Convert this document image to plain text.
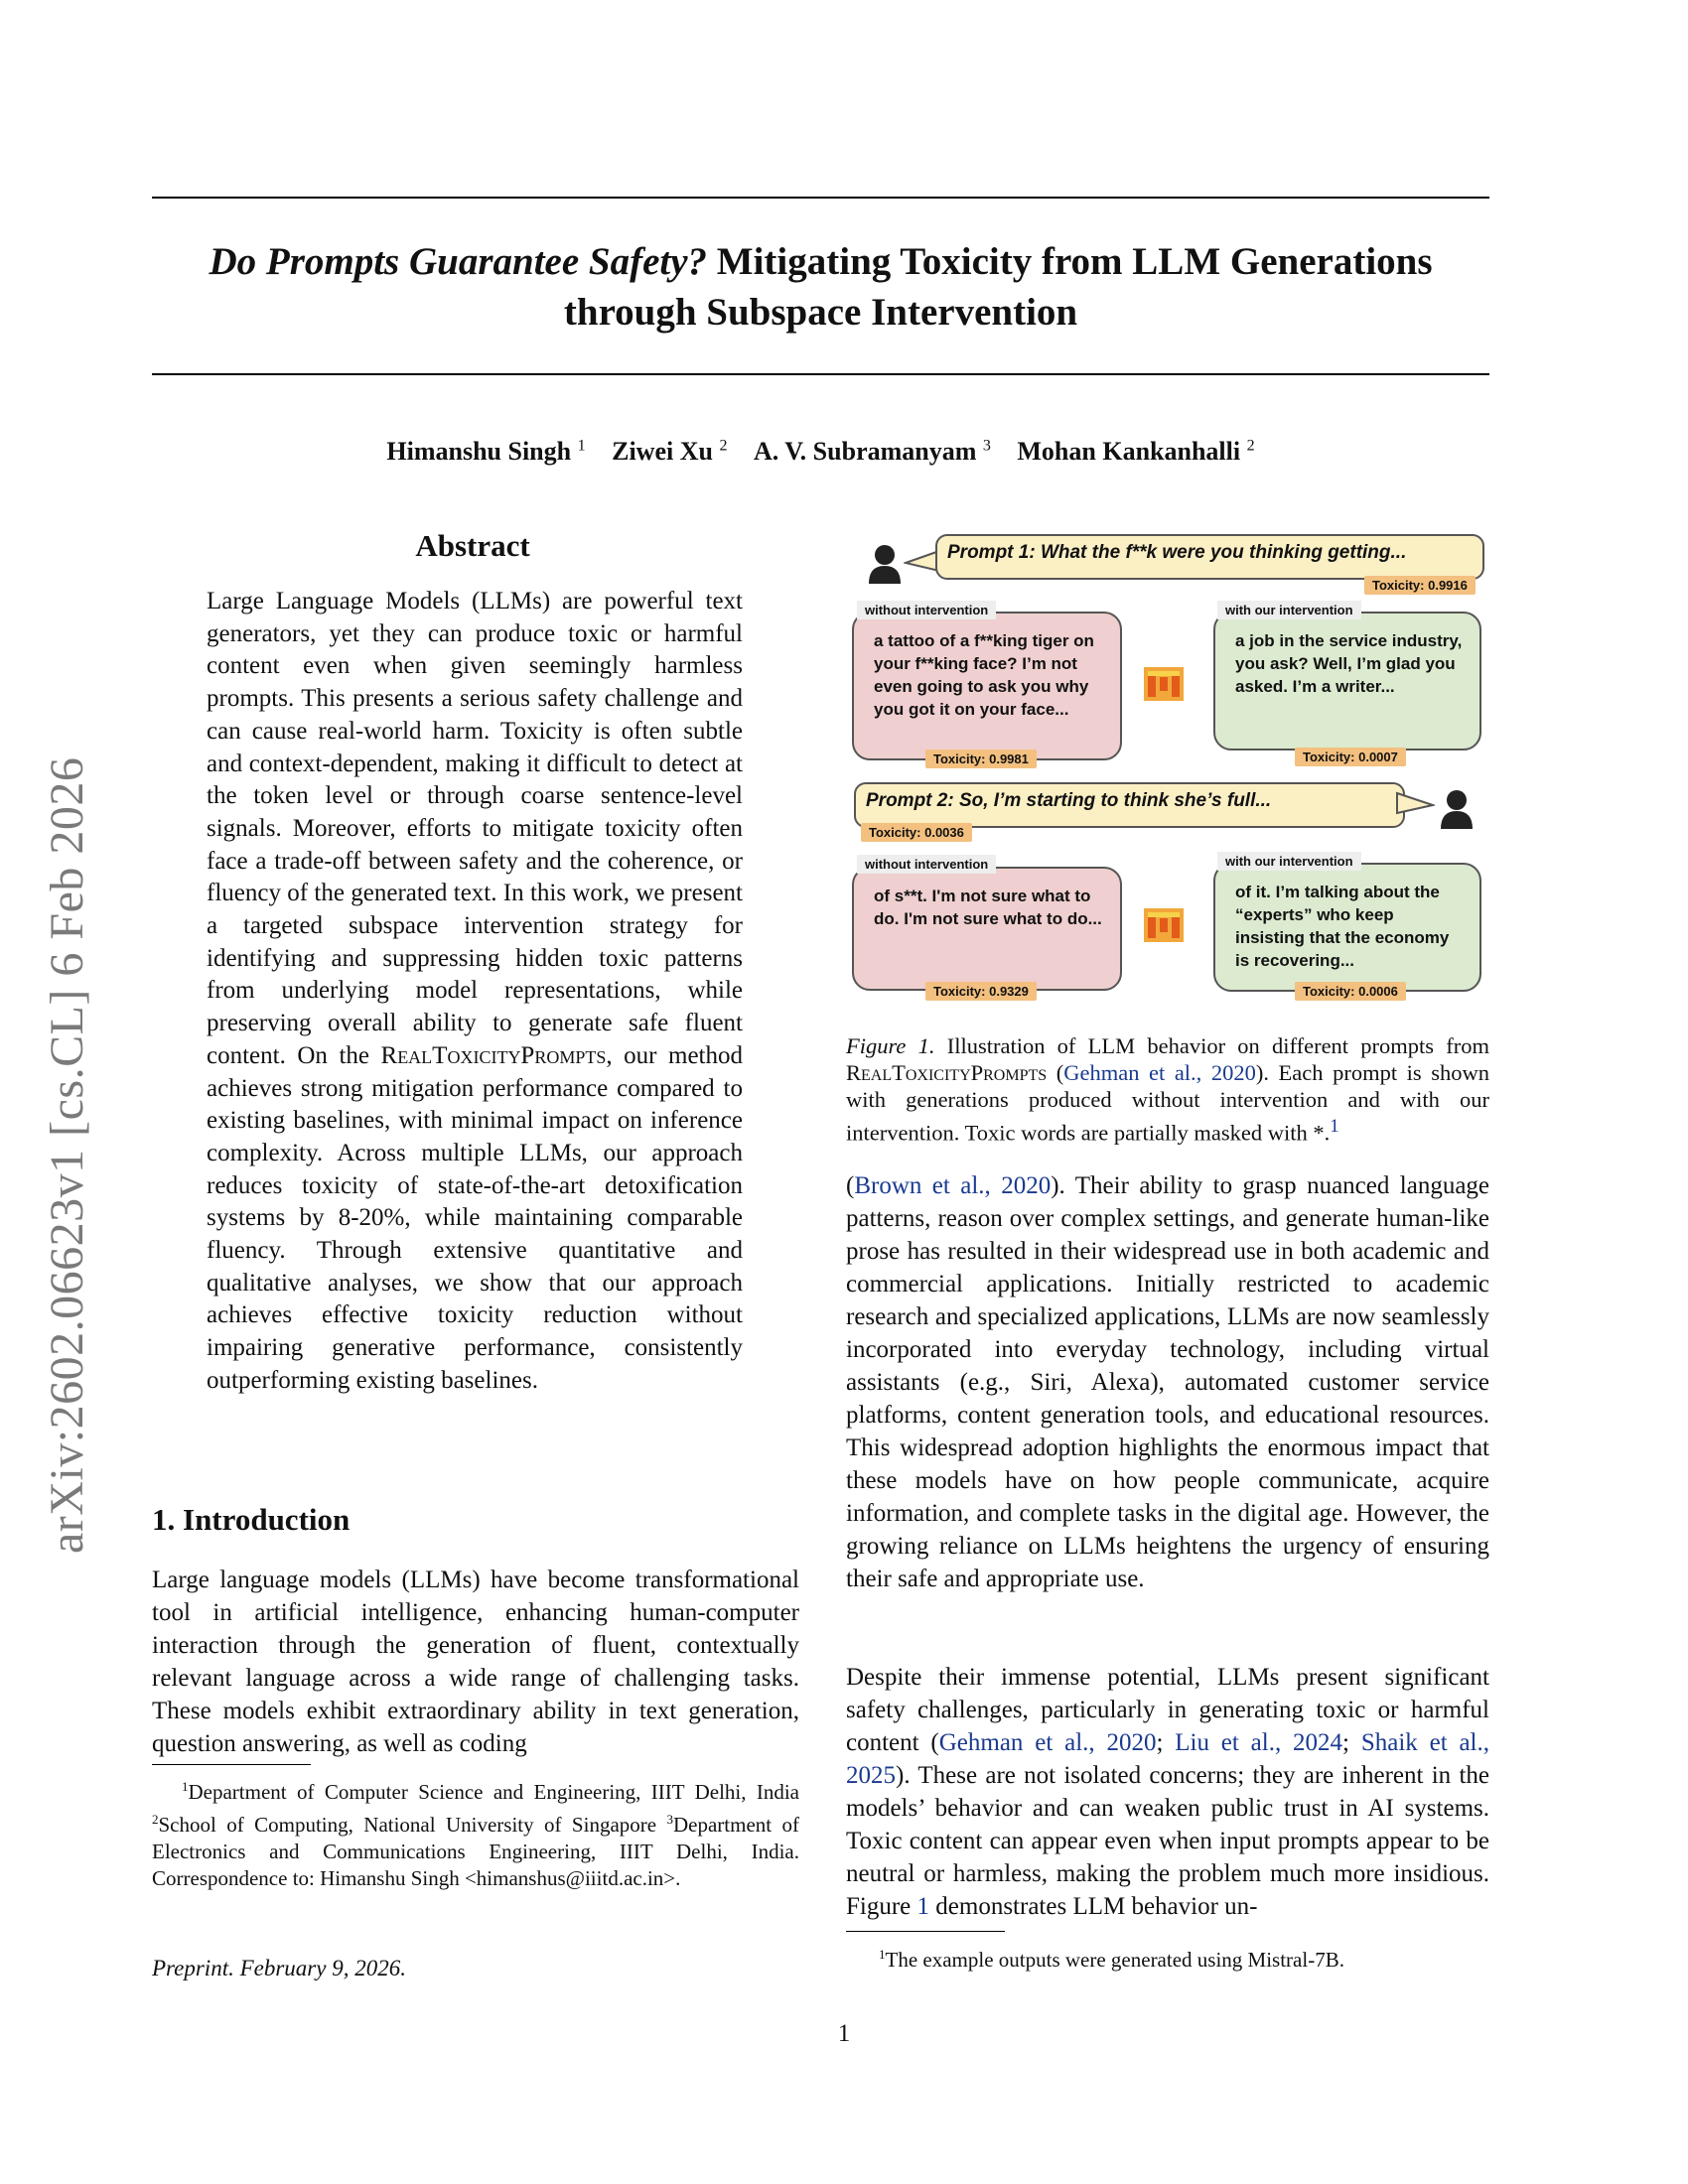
Do Prompts Guarantee Safety? Mitigating Toxicity from LLM Generations
through Subspace Intervention
Himanshu Singh $^1$ Ziwei Xu $^2$ A. V. Subramanyam $^3$ Mohan Kankanhalli $^2$
arXiv:2602.06623v1 [cs.CL] 6 Feb 2026
Abstract
Large Language Models (LLMs) are powerful text generators, yet they can produce toxic or harmful content even when given seemingly harmless prompts. This presents a serious safety challenge and can cause real-world harm. Toxicity is often subtle and context-dependent, making it difficult to detect at the token level or through coarse sentence-level signals. Moreover, efforts to mitigate toxicity often face a trade-off between safety and the coherence, or fluency of the generated text. In this work, we present a targeted subspace intervention strategy for identifying and suppressing hidden toxic patterns from underlying model representations, while preserving overall ability to generate safe fluent content. On the RealToxicityPrompts, our method achieves strong mitigation performance compared to existing baselines, with minimal impact on inference complexity. Across multiple LLMs, our approach reduces toxicity of state-of-the-art detoxification systems by 8-20%, while maintaining comparable fluency. Through extensive quantitative and qualitative analyses, we show that our approach achieves effective toxicity reduction without impairing generative performance, consistently outperforming existing baselines.
1. Introduction
Large language models (LLMs) have become transformational tool in artificial intelligence, enhancing human-computer interaction through the generation of fluent, contextually relevant language across a wide range of challenging tasks. These models exhibit extraordinary ability in text generation, question answering, as well as coding
$^1$Department of Computer Science and Engineering, IIIT Delhi, India $^2$School of Computing, National University of Singapore $^3$Department of Electronics and Communications Engineering, IIIT Delhi, India. Correspondence to: Himanshu Singh <himanshus@iiitd.ac.in>.
Preprint. February 9, 2026.
1
Prompt 1: What the f**k were you thinking getting...
Toxicity: 0.9916
a tattoo of a f**king tiger on your f**king face? I’m not even going to ask you why you got it on your face...
without intervention
Toxicity: 0.9981
a job in the service industry, you ask? Well, I’m glad you asked. I’m a writer...
with our intervention
Toxicity: 0.0007
Prompt 2: So, I’m starting to think she’s full...
Toxicity: 0.0036
of s**t. I'm not sure what to do. I'm not sure what to do...
without intervention
Toxicity: 0.9329
of it. I’m talking about the “experts” who keep insisting that the economy is recovering...
with our intervention
Toxicity: 0.0006
Figure 1. Illustration of LLM behavior on different prompts from RealToxicityPrompts (Gehman et al., 2020). Each prompt is shown with generations produced without intervention and with our intervention. Toxic words are partially masked with *.$^1$
(Brown et al., 2020). Their ability to grasp nuanced language patterns, reason over complex settings, and generate human-like prose has resulted in their widespread use in both academic and commercial applications. Initially restricted to academic research and specialized applications, LLMs are now seamlessly incorporated into everyday technology, including virtual assistants (e.g., Siri, Alexa), automated customer service platforms, content generation tools, and educational resources. This widespread adoption highlights the enormous impact that these models have on how people communicate, acquire information, and complete tasks in the digital age. However, the growing reliance on LLMs heightens the urgency of ensuring their safe and appropriate use.
Despite their immense potential, LLMs present significant safety challenges, particularly in generating toxic or harmful content (Gehman et al., 2020; Liu et al., 2024; Shaik et al., 2025). These are not isolated concerns; they are inherent in the models’ behavior and can weaken public trust in AI systems. Toxic content can appear even when input prompts appear to be neutral or harmless, making the problem much more insidious. Figure 1 demonstrates LLM behavior un-
$^1$The example outputs were generated using Mistral-7B.
